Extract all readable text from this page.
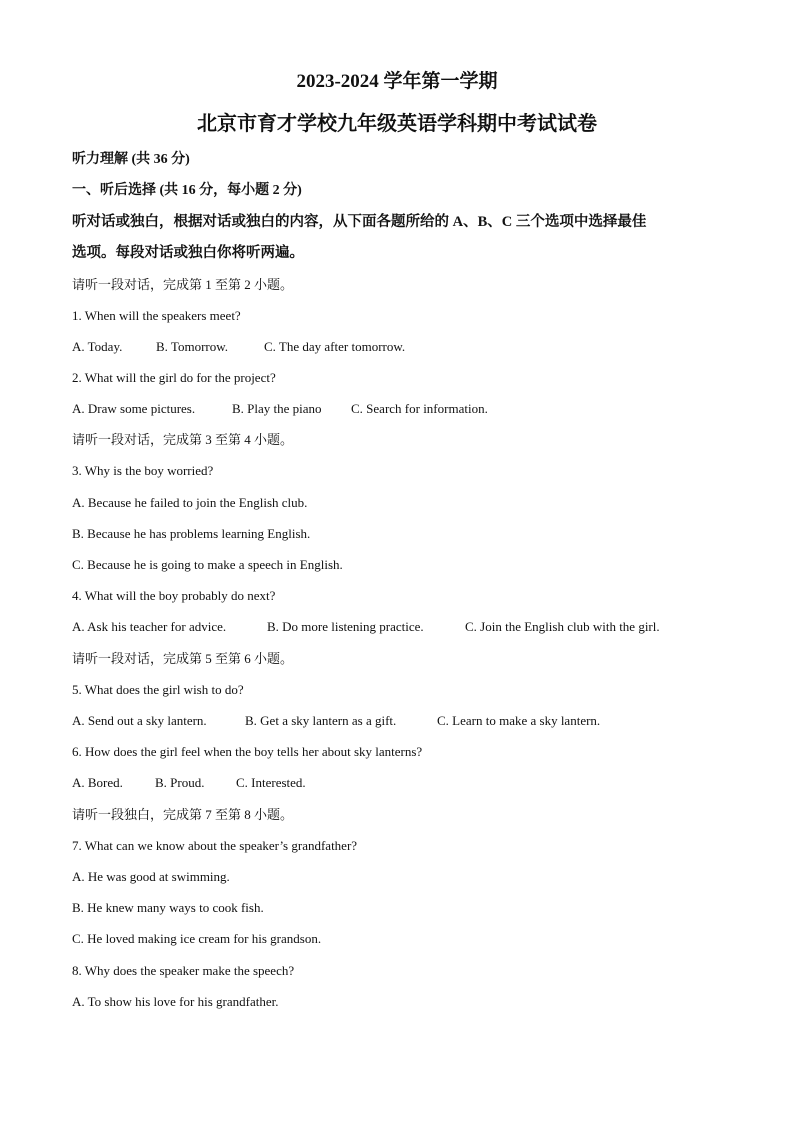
2023-2024 学年第一学期
北京市育才学校九年级英语学科期中考试试卷
听力理解 (共 36 分)
一、听后选择 (共 16 分，每小题 2 分)
听对话或独白，根据对话或独白的内容，从下面各题所给的 A、B、C 三个选项中选择最佳
选项。每段对话或独白你将听两遍。
请听一段对话，完成第 1 至第 2 小题。
1. When will the speakers meet?
A. Today.	B. Tomorrow.	C. The day after tomorrow.
2. What will the girl do for the project?
A. Draw some pictures.	B. Play the piano C. Search for information.
请听一段对话，完成第 3 至第 4 小题。
3. Why is the boy worried?
A. Because he failed to join the English club.
B. Because he has problems learning English.
C. Because he is going to make a speech in English.
4. What will the boy probably do next?
A. Ask his teacher for advice.	B. Do more listening practice.	C. Join the English club with the girl.
请听一段对话，完成第 5 至第 6 小题。
5. What does the girl wish to do?
A. Send out a sky lantern.	B. Get a sky lantern as a gift.	C. Learn to make a sky lantern.
6. How does the girl feel when the boy tells her about sky lanterns?
A. Bored. B. Proud. C. Interested.
请听一段独白，完成第 7 至第 8 小题。
7. What can we know about the speaker’s grandfather?
A. He was good at swimming.
B. He knew many ways to cook fish.
C. He loved making ice cream for his grandson.
8. Why does the speaker make the speech?
A. To show his love for his grandfather.
